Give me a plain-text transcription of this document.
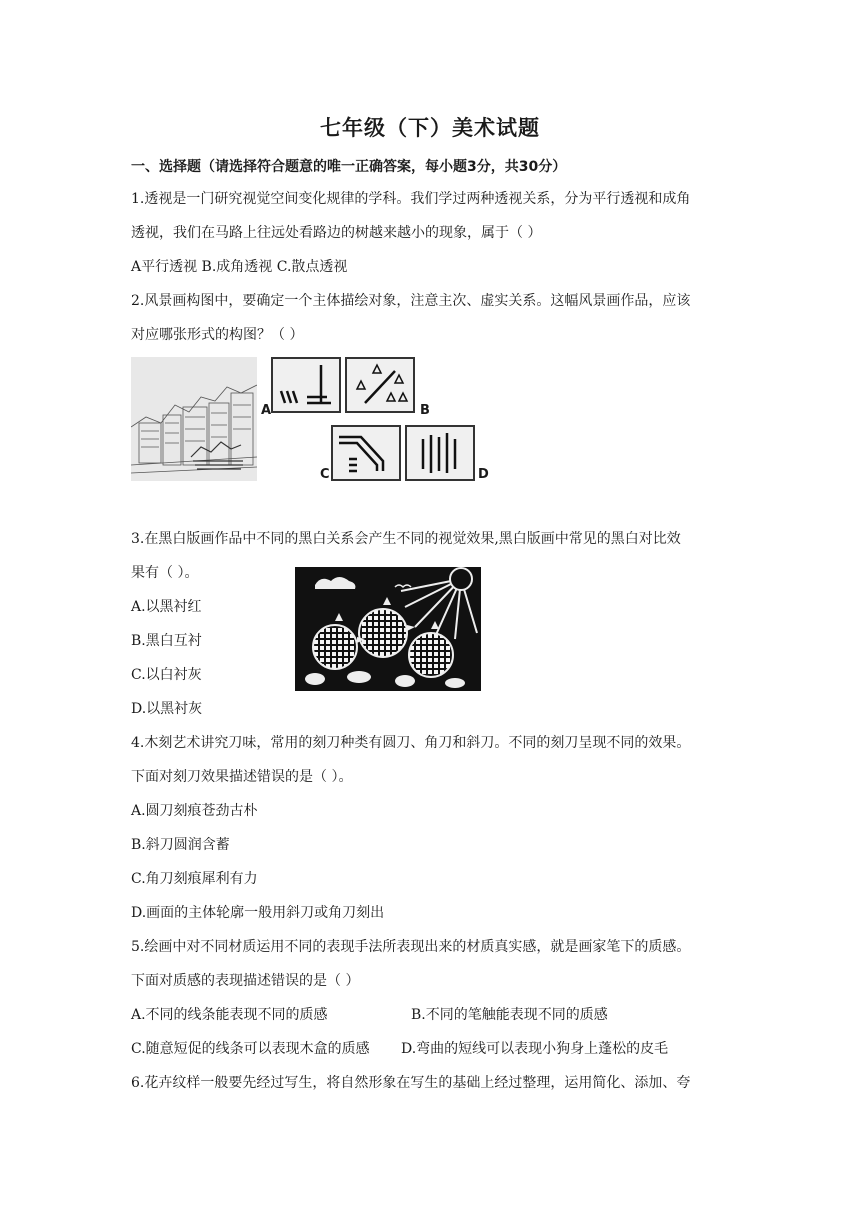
七年级（下）美术试题
一、选择题（请选择符合题意的唯一正确答案，每小题3分，共30分）
1.透视是一门研究视觉空间变化规律的学科。我们学过两种透视关系，分为平行透视和成角
透视，我们在马路上往远处看路边的树越来越小的现象，属于（ ）
A平行透视 B.成角透视 C.散点透视
2.风景画构图中，要确定一个主体描绘对象，注意主次、虚实关系。这幅风景画作品，应该
对应哪张形式的构图？（ ）
A	B
C	D
3.在黑白版画作品中不同的黑白关系会产生不同的视觉效果,黑白版画中常见的黑白对比效
果有（ ）。
A.以黑衬红
B.黑白互衬
C.以白衬灰
D.以黑衬灰
4.木刻艺术讲究刀味，常用的刻刀种类有圆刀、角刀和斜刀。不同的刻刀呈现不同的效果。
下面对刻刀效果描述错误的是（ ）。
A.圆刀刻痕苍劲古朴
B.斜刀圆润含蓄
C.角刀刻痕犀利有力
D.画面的主体轮廓一般用斜刀或角刀刻出
5.绘画中对不同材质运用不同的表现手法所表现出来的材质真实感，就是画家笔下的质感。
下面对质感的表现描述错误的是（ ）
A.不同的线条能表现不同的质感	B.不同的笔触能表现不同的质感
C.随意短促的线条可以表现木盒的质感 D.弯曲的短线可以表现小狗身上蓬松的皮毛
6.花卉纹样一般要先经过写生，将自然形象在写生的基础上经过整理，运用简化、添加、夸
